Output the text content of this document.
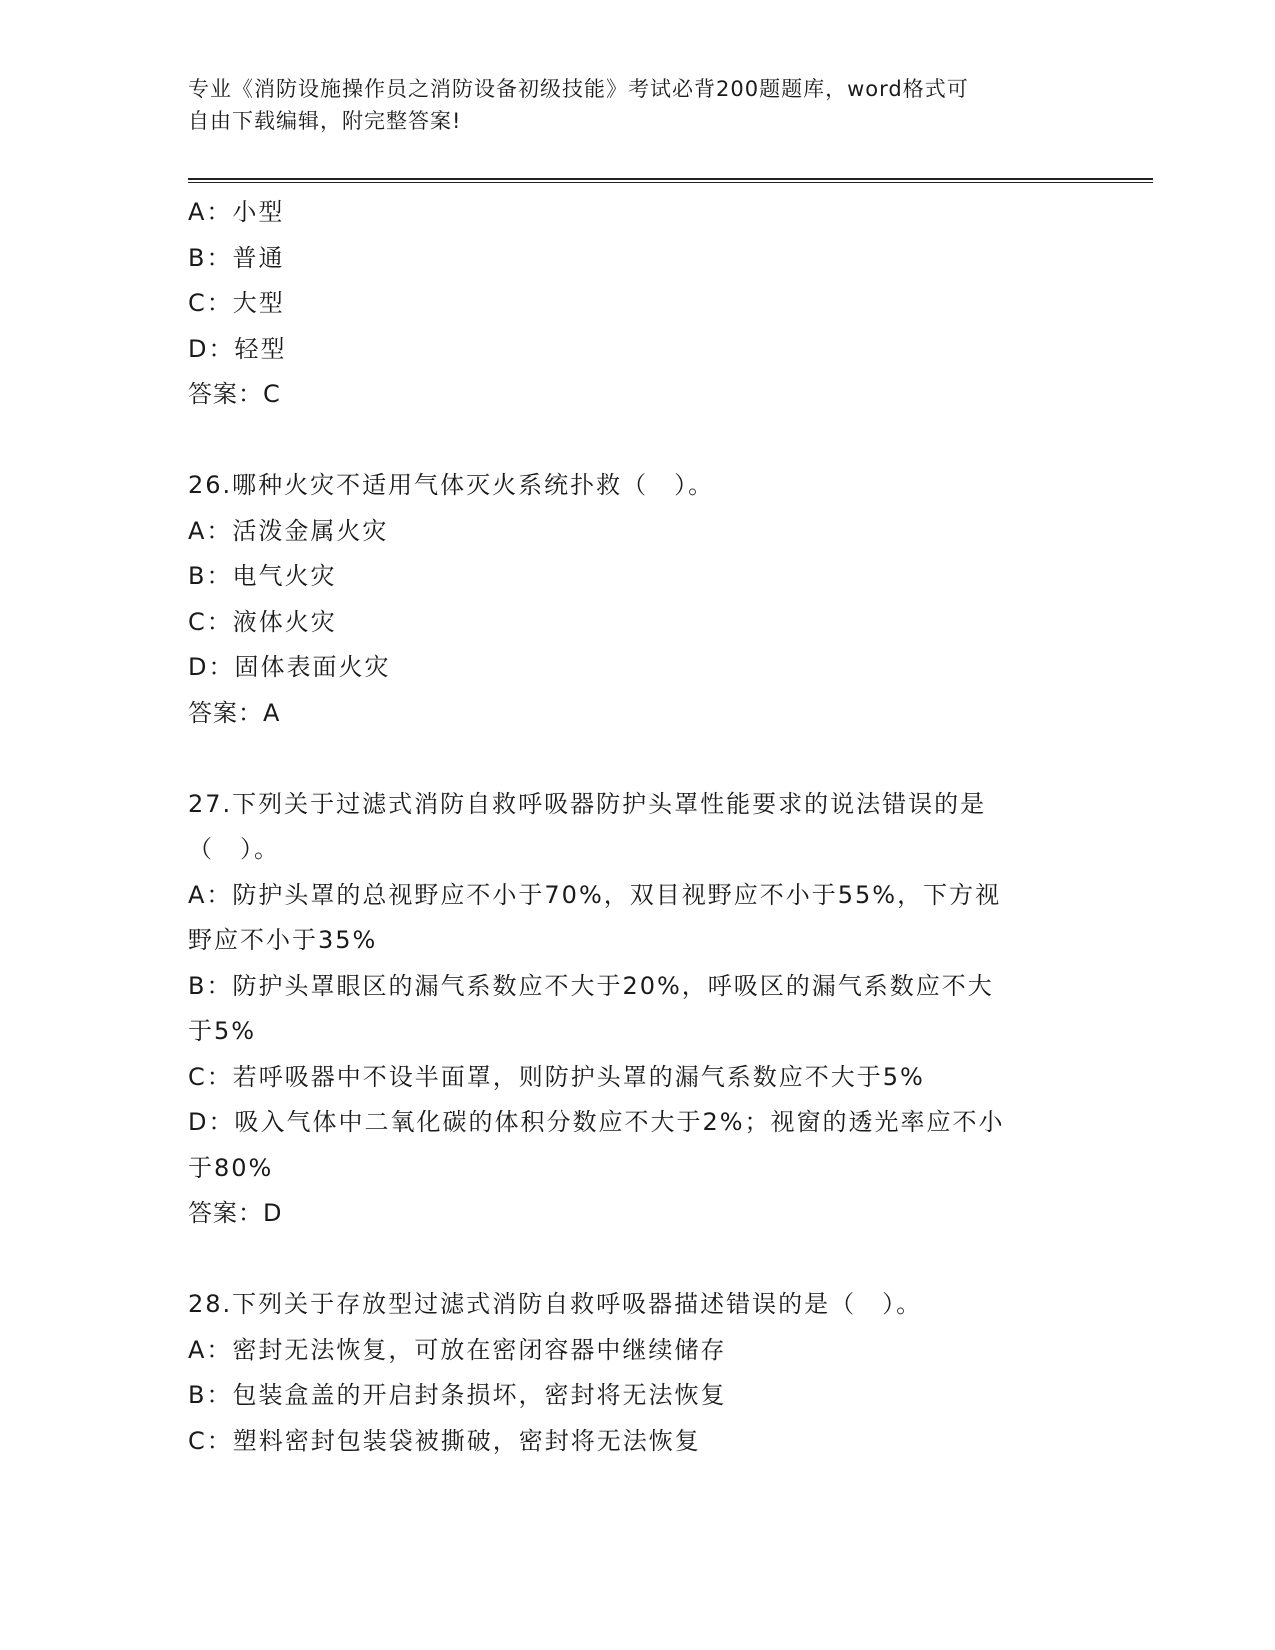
专业《消防设施操作员之消防设备初级技能》考试必背200题题库，word格式可
自由下载编辑，附完整答案!
A：小型
B：普通
C：大型
D：轻型
答案：C
26.哪种火灾不适用气体灭火系统扑救（　）。
A：活泼金属火灾
B：电气火灾
C：液体火灾
D：固体表面火灾
答案：A
27.下列关于过滤式消防自救呼吸器防护头罩性能要求的说法错误的是
（　）。
A：防护头罩的总视野应不小于70%，双目视野应不小于55%，下方视
野应不小于35%
B：防护头罩眼区的漏气系数应不大于20%，呼吸区的漏气系数应不大
于5%
C：若呼吸器中不设半面罩，则防护头罩的漏气系数应不大于5%
D：吸入气体中二氧化碳的体积分数应不大于2%；视窗的透光率应不小
于80%
答案：D
28.下列关于存放型过滤式消防自救呼吸器描述错误的是（　）。
A：密封无法恢复，可放在密闭容器中继续储存
B：包装盒盖的开启封条损坏，密封将无法恢复
C：塑料密封包装袋被撕破，密封将无法恢复
